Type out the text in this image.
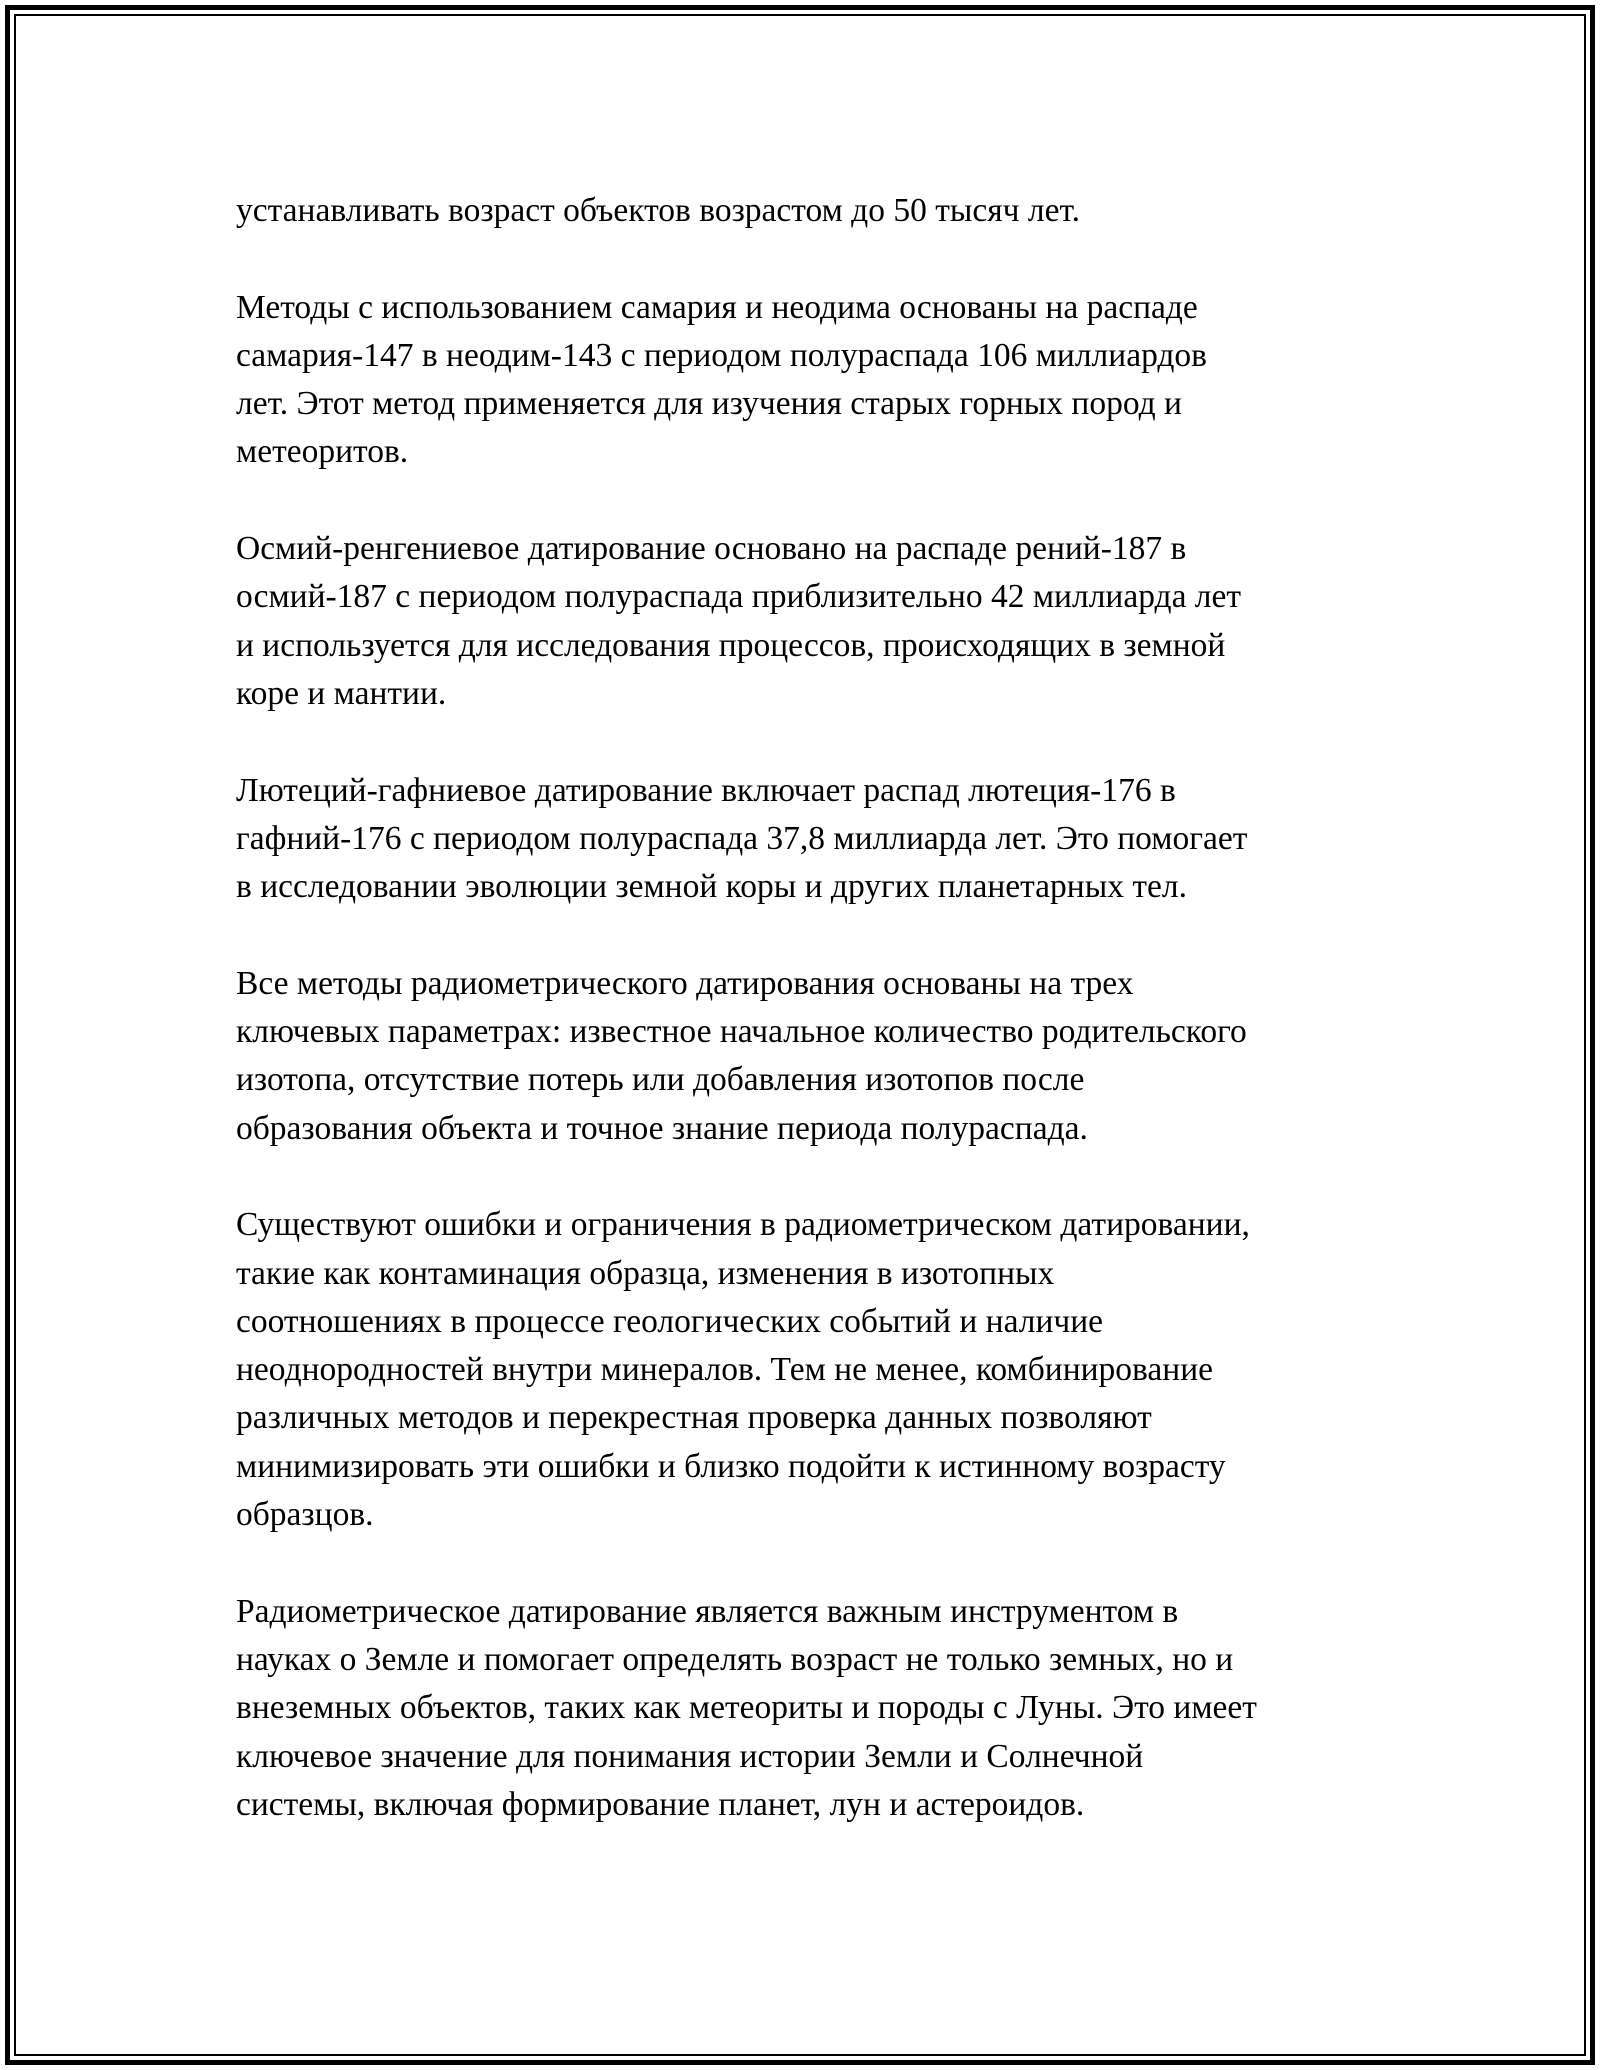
устанавливать возраст объектов возрастом до 50 тысяч лет.

Методы с использованием самария и неодима основаны на распаде
самария-147 в неодим-143 с периодом полураспада 106 миллиардов
лет. Этот метод применяется для изучения старых горных пород и
метеоритов.

Осмий-ренгениевое датирование основано на распаде рений-187 в
осмий-187 с периодом полураспада приблизительно 42 миллиарда лет
и используется для исследования процессов, происходящих в земной
коре и мантии.

Лютеций-гафниевое датирование включает распад лютеция-176 в
гафний-176 с периодом полураспада 37,8 миллиарда лет. Это помогает
в исследовании эволюции земной коры и других планетарных тел.

Все методы радиометрического датирования основаны на трех
ключевых параметрах: известное начальное количество родительского
изотопа, отсутствие потерь или добавления изотопов после
образования объекта и точное знание периода полураспада.

Существуют ошибки и ограничения в радиометрическом датировании,
такие как контаминация образца, изменения в изотопных
соотношениях в процессе геологических событий и наличие
неоднородностей внутри минералов. Тем не менее, комбинирование
различных методов и перекрестная проверка данных позволяют
минимизировать эти ошибки и близко подойти к истинному возрасту
образцов.

Радиометрическое датирование является важным инструментом в
науках о Земле и помогает определять возраст не только земных, но и
внеземных объектов, таких как метеориты и породы с Луны. Это имеет
ключевое значение для понимания истории Земли и Солнечной
системы, включая формирование планет, лун и астероидов.
